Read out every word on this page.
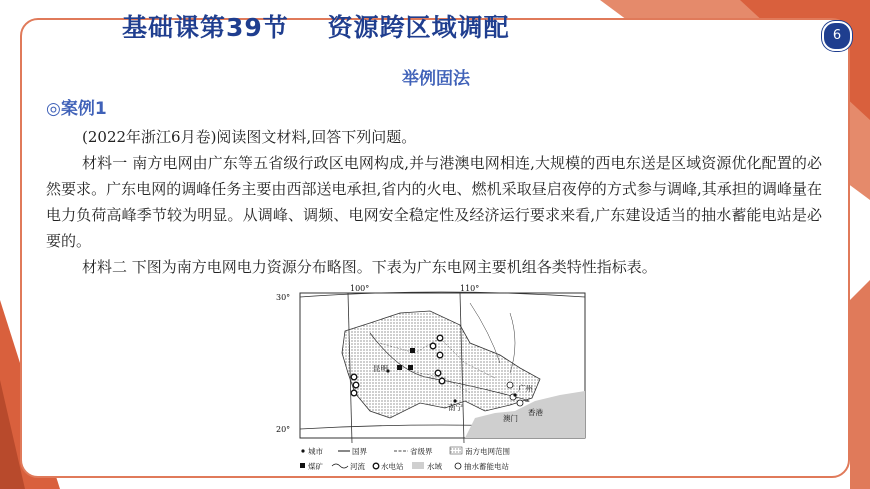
基础课第39节    资源跨区域调配	6
举例固法
◎案例1
(2022年浙江6月卷)阅读图文材料,回答下列问题。
材料一 南方电网由广东等五省级行政区电网构成,并与港澳电网相连,大规模的西电东送是区域资源优化配置的必然要求。广东电网的调峰任务主要由西部送电承担,省内的火电、燃机采取昼启夜停的方式参与调峰,其承担的调峰量在电力负荷高峰季节较为明显。从调峰、调频、电网安全稳定性及经济运行要求来看,广东建设适当的抽水蓄能电站是必要的。
材料二 下图为南方电网电力资源分布略图。下表为广东电网主要机组各类特性指标表。
100°	110°
30°
20°
昆明
南宁
广州
澳门
香港
城市	国界	省级界	南方电网范围
煤矿	河流 水电站	水域	抽水蓄能电站
